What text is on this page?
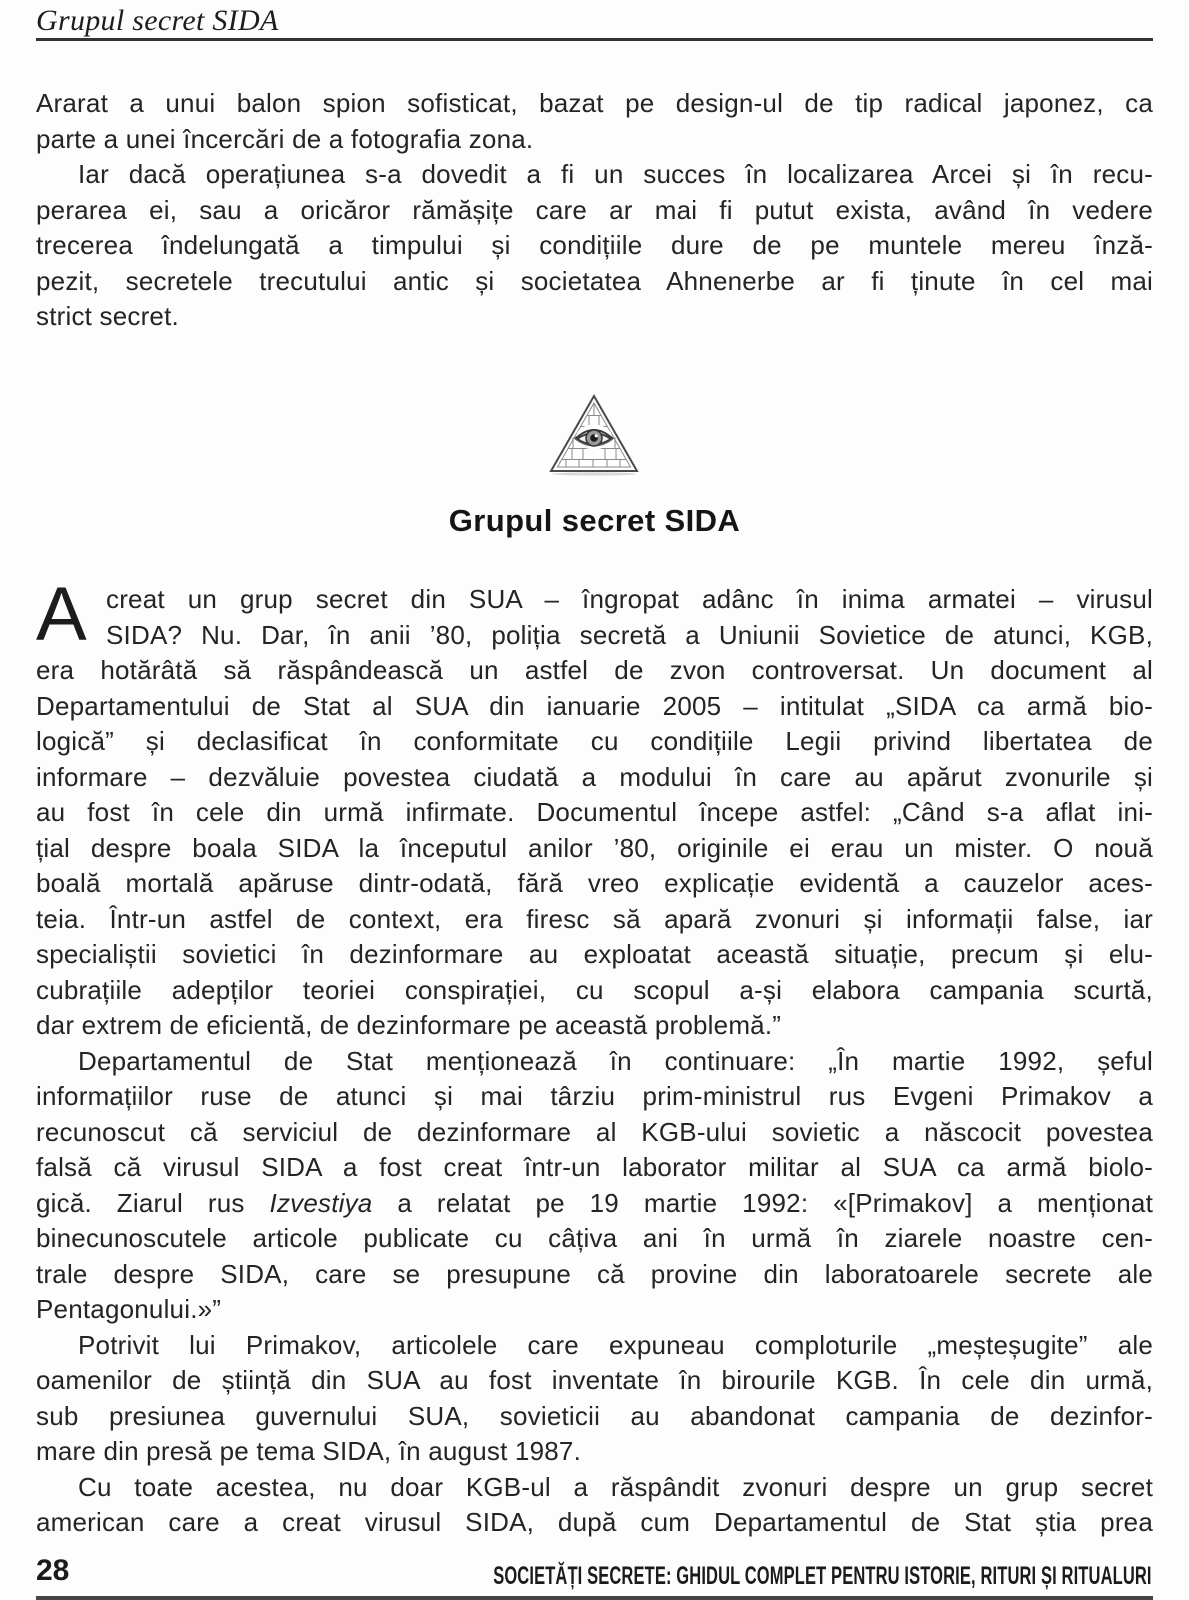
Grupul secret SIDA
Ararat a unui balon spion sofisticat, bazat pe design-ul de tip radical japonez, ca
parte a unei încercări de a fotografia zona.
Iar dacă operațiunea s-a dovedit a fi un succes în localizarea Arcei și în recu-
perarea ei, sau a oricăror rămășițe care ar mai fi putut exista, având în vedere
trecerea îndelungată a timpului și condițiile dure de pe muntele mereu înză-
pezit, secretele trecutului antic și societatea Ahnenerbe ar fi ținute în cel mai
strict secret.
Grupul secret SIDA
A creat un grup secret din SUA – îngropat adânc în inima armatei – virusul
SIDA? Nu. Dar, în anii ’80, poliția secretă a Uniunii Sovietice de atunci, KGB,
era hotărâtă să răspândească un astfel de zvon controversat. Un document al
Departamentului de Stat al SUA din ianuarie 2005 – intitulat „SIDA ca armă bio-
logică” și declasificat în conformitate cu condițiile Legii privind libertatea de
informare – dezvăluie povestea ciudată a modului în care au apărut zvonurile și
au fost în cele din urmă infirmate. Documentul începe astfel: „Când s-a aflat ini-
țial despre boala SIDA la începutul anilor ’80, originile ei erau un mister. O nouă
boală mortală apăruse dintr-odată, fără vreo explicație evidentă a cauzelor aces-
teia. Într-un astfel de context, era firesc să apară zvonuri și informații false, iar
specialiștii sovietici în dezinformare au exploatat această situație, precum și elu-
cubrațiile adepților teoriei conspirației, cu scopul a-și elabora campania scurtă,
dar extrem de eficientă, de dezinformare pe această problemă.”
Departamentul de Stat menționează în continuare: „În martie 1992, șeful
informațiilor ruse de atunci și mai târziu prim-ministrul rus Evgeni Primakov a
recunoscut că serviciul de dezinformare al KGB-ului sovietic a născocit povestea
falsă că virusul SIDA a fost creat într-un laborator militar al SUA ca armă biolo-
gică. Ziarul rus Izvestiya a relatat pe 19 martie 1992: «[Primakov] a menționat
binecunoscutele articole publicate cu câțiva ani în urmă în ziarele noastre cen-
trale despre SIDA, care se presupune că provine din laboratoarele secrete ale
Pentagonului.»”
Potrivit lui Primakov, articolele care expuneau comploturile „meșteșugite” ale
oamenilor de știință din SUA au fost inventate în birourile KGB. În cele din urmă,
sub presiunea guvernului SUA, sovieticii au abandonat campania de dezinfor-
mare din presă pe tema SIDA, în august 1987.
Cu toate acestea, nu doar KGB-ul a răspândit zvonuri despre un grup secret
american care a creat virusul SIDA, după cum Departamentul de Stat știa prea
28	SOCIETĂȚI SECRETE: GHIDUL COMPLET PENTRU ISTORIE, RITURI ȘI RITUALURI
